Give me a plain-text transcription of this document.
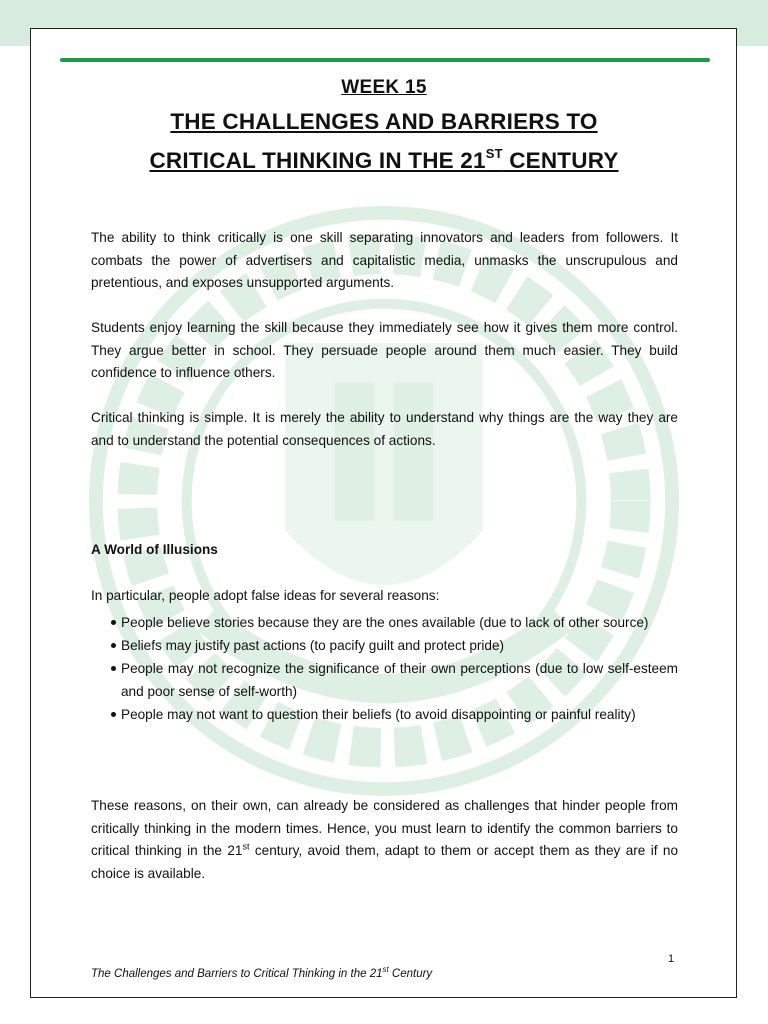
WEEK 15
THE CHALLENGES AND BARRIERS TO
CRITICAL THINKING IN THE 21ST CENTURY
The ability to think critically is one skill separating innovators and leaders from followers. It combats the power of advertisers and capitalistic media, unmasks the unscrupulous and pretentious, and exposes unsupported arguments.
Students enjoy learning the skill because they immediately see how it gives them more control. They argue better in school. They persuade people around them much easier. They build confidence to influence others.
Critical thinking is simple. It is merely the ability to understand why things are the way they are and to understand the potential consequences of actions.
A World of Illusions
In particular, people adopt false ideas for several reasons:
People believe stories because they are the ones available (due to lack of other source)
Beliefs may justify past actions (to pacify guilt and protect pride)
People may not recognize the significance of their own perceptions (due to low self-esteem and poor sense of self-worth)
People may not want to question their beliefs (to avoid disappointing or painful reality)
These reasons, on their own, can already be considered as challenges that hinder people from critically thinking in the modern times. Hence, you must learn to identify the common barriers to critical thinking in the 21st century, avoid them, adapt to them or accept them as they are if no choice is available.
1
The Challenges and Barriers to Critical Thinking in the 21st Century
